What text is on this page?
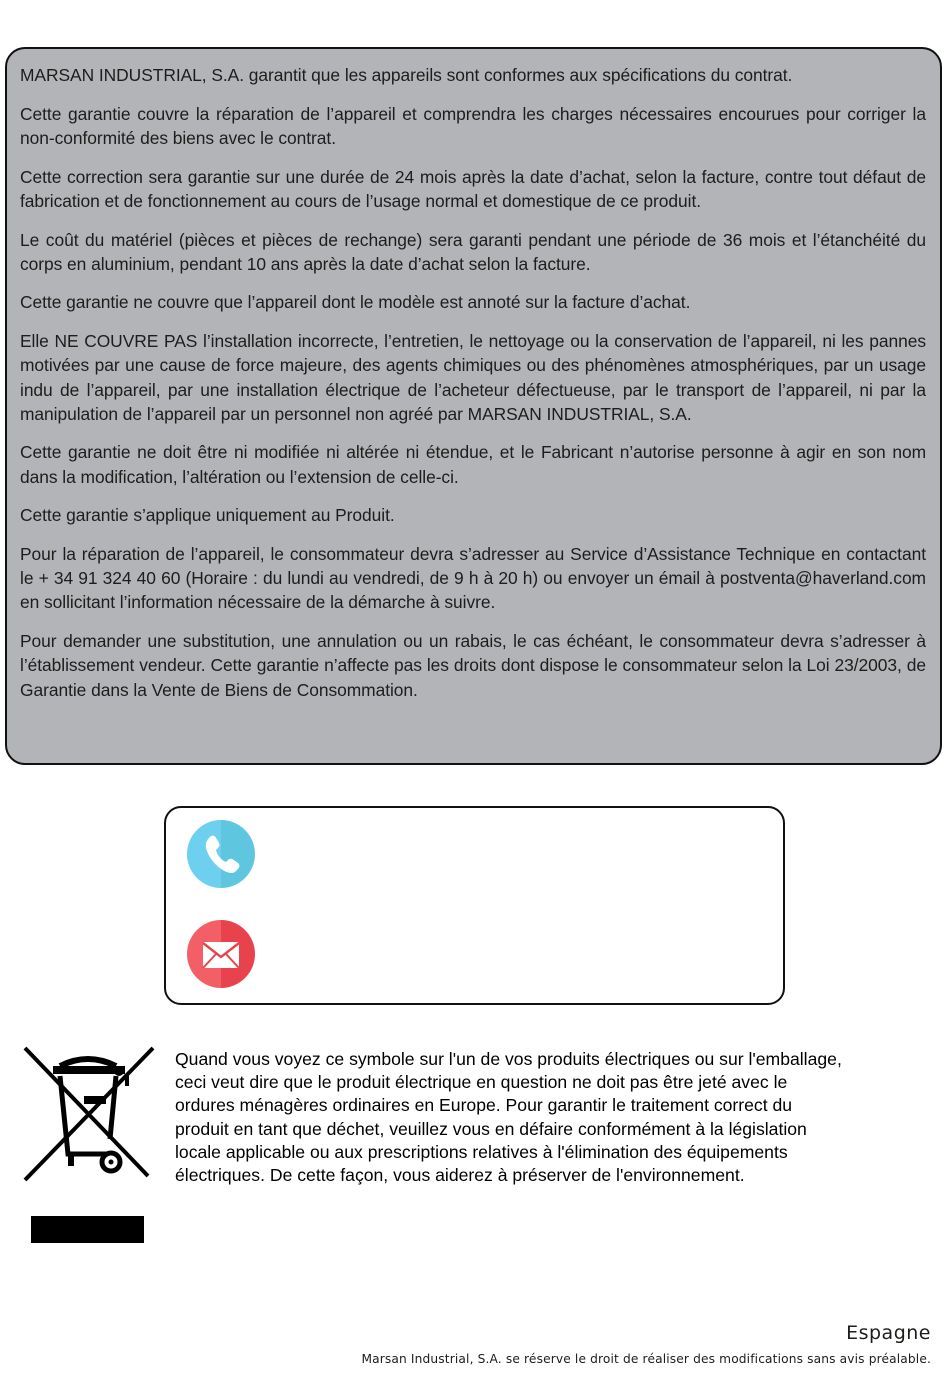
MARSAN INDUSTRIAL, S.A. garantit que les appareils sont conformes aux spécifications du contrat.

Cette garantie couvre la réparation de l’appareil et comprendra les charges nécessaires encourues pour corriger la non-conformité des biens avec le contrat.

Cette correction sera garantie sur une durée de 24 mois après la date d’achat, selon la facture, contre tout défaut de fabrication et de fonctionnement au cours de l’usage normal et domestique de ce produit.

Le coût du matériel (pièces et pièces de rechange) sera garanti pendant une période de 36 mois et l’étanchéité du corps en aluminium, pendant 10 ans après la date d’achat selon la facture.

Cette garantie ne couvre que l’appareil dont le modèle est annoté sur la facture d’achat.

Elle NE COUVRE PAS l’installation incorrecte, l’entretien, le nettoyage ou la conservation de l’appareil, ni les pannes motivées par une cause de force majeure, des agents chimiques ou des phénomènes atmosphériques, par un usage indu de l’appareil, par une installation électrique de l’acheteur défectueuse, par le transport de l’appareil, ni par la manipulation de l’appareil par un personnel non agréé par MARSAN INDUSTRIAL, S.A.

Cette garantie ne doit être ni modifiée ni altérée ni étendue, et le Fabricant n’autorise personne à agir en son nom dans la modification, l’altération ou l’extension de celle-ci.

Cette garantie s’applique uniquement au Produit.

Pour la réparation de l’appareil, le consommateur devra s’adresser au Service d’Assistance Technique en contactant le + 34 91 324 40 60 (Horaire : du lundi au vendredi, de 9 h à 20 h) ou envoyer un émail à postventa@haverland.com en sollicitant l’information nécessaire de la démarche à suivre.

Pour demander une substitution, une annulation ou un rabais, le cas échéant, le consommateur devra s’adresser à l’établissement vendeur. Cette garantie n’affecte pas les droits dont dispose le consommateur selon la Loi 23/2003, de Garantie dans la Vente de Biens de Consommation.

Quand vous voyez ce symbole sur l'un de vos produits électriques ou sur l'emballage,
ceci veut dire que le produit électrique en question ne doit pas être jeté avec le
ordures ménagères ordinaires en Europe. Pour garantir le traitement correct du
produit en tant que déchet, veuillez vous en défaire conformément à la législation
locale applicable ou aux prescriptions relatives à l'élimination des équipements
électriques. De cette façon, vous aiderez à préserver de l'environnement.
Espagne
Marsan Industrial, S.A. se réserve le droit de réaliser des modifications sans avis préalable.
